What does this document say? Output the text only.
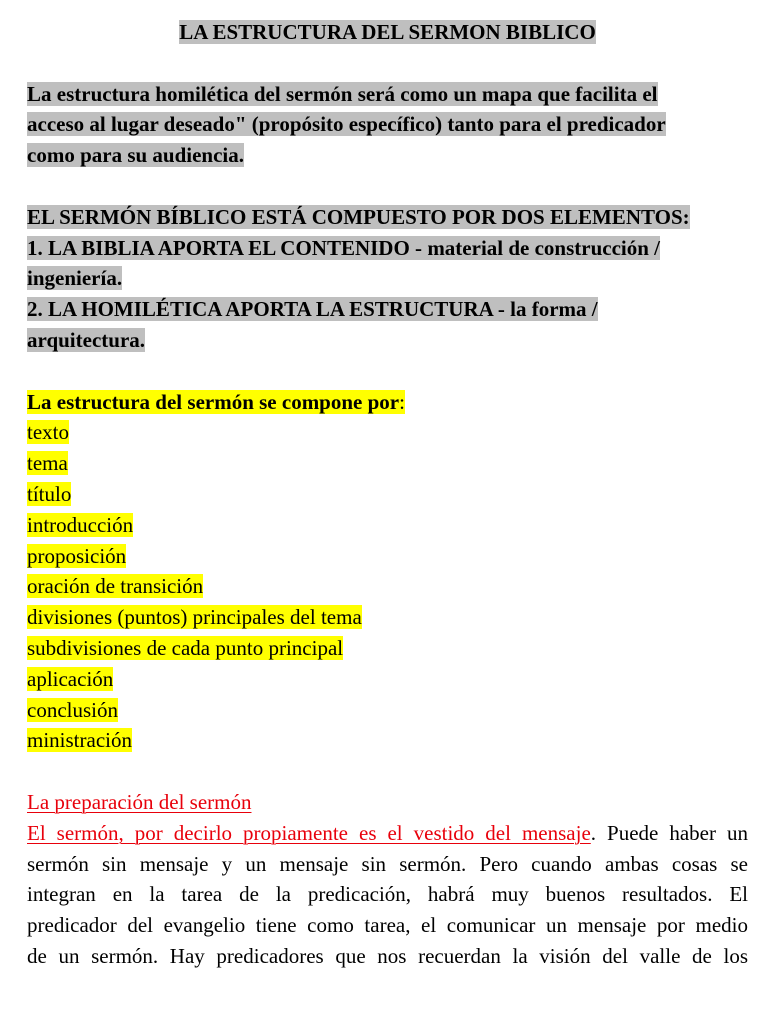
LA ESTRUCTURA DEL SERMON BIBLICO
La estructura homilética del sermón será como un mapa que facilita el
acceso al lugar deseado" (propósito específico) tanto para el predicador
como para su audiencia.
EL SERMÓN BÍBLICO ESTÁ COMPUESTO POR DOS ELEMENTOS:
1. LA BIBLIA APORTA EL CONTENIDO - material de construcción /
ingeniería.
2. LA HOMILÉTICA APORTA LA ESTRUCTURA - la forma /
arquitectura.
La estructura del sermón se compone por:
texto
tema
título
introducción
proposición
oración de transición
divisiones (puntos) principales del tema
subdivisiones de cada punto principal
aplicación
conclusión
ministración
La preparación del sermón
El sermón, por decirlo propiamente es el vestido del mensaje. Puede haber un
sermón sin mensaje y un mensaje sin sermón. Pero cuando ambas cosas se
integran en la tarea de la predicación, habrá muy buenos resultados. El
predicador del evangelio tiene como tarea, el comunicar un mensaje por medio
de un sermón. Hay predicadores que nos recuerdan la visión del valle de los
